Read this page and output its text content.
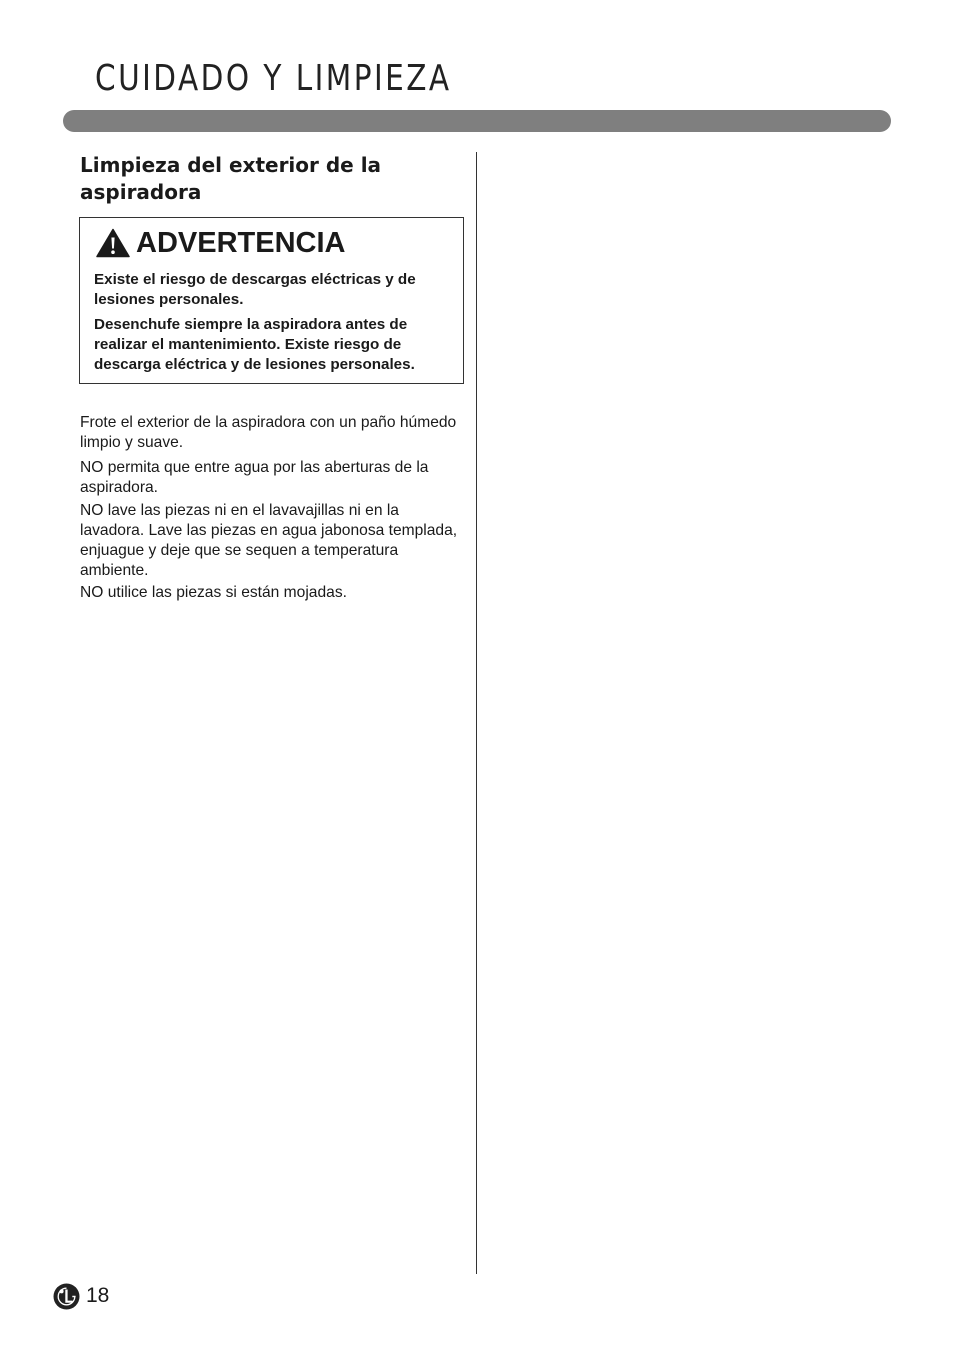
CUIDADO Y LIMPIEZA
Limpieza del exterior de la aspiradora
ADVERTENCIA

Existe el riesgo de descargas eléctricas y de lesiones personales.

Desenchufe siempre la aspiradora antes de realizar el mantenimiento. Existe riesgo de descarga eléctrica y de lesiones personales.

Frote el exterior de la aspiradora con un paño húmedo limpio y suave.

NO permita que entre agua por las aberturas de la aspiradora.

NO lave las piezas ni en el lavavajillas ni en la lavadora. Lave las piezas en agua jabonosa templada, enjuague y deje que se sequen a temperatura ambiente.

NO utilice las piezas si están mojadas.

18
